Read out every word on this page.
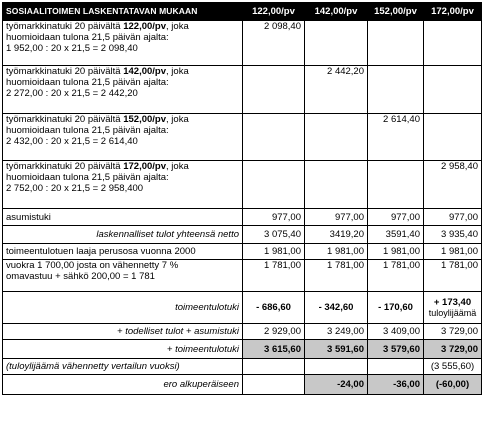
SOSIAALITOIMEN LASKENTATAVAN MUKAAN	122,00/pv	142,00/pv	152,00/pv	172,00/pv
työmarkkinatuki 20 päivältä 122,00/pv, joka
huomioidaan tulona 21,5 päivän ajalta:
1 952,00 : 20 x 21,5 = 2 098,40	2 098,40			
työmarkkinatuki 20 päivältä 142,00/pv, joka
huomioidaan tulona 21,5 päivän ajalta:
2 272,00 : 20 x 21,5 = 2 442,20		2 442,20		
työmarkkinatuki 20 päivältä 152,00/pv, joka
huomioidaan tulona 21,5 päivän ajalta:
2 432,00 : 20 x 21,5 = 2 614,40			2 614,40	
työmarkkinatuki 20 päivältä 172,00/pv, joka
huomioidaan tulona 21,5 päivän ajalta:
2 752,00 : 20 x 21,5 = 2 958,400				2 958,40
asumistuki	977,00	977,00	977,00	977,00
laskennalliset tulot yhteensä netto	3 075,40	3419,20	3591,40	3 935,40
toimeentulotuen laaja perusosa vuonna 2000	1 981,00	1 981,00	1 981,00	1 981,00
vuokra 1 700,00 josta on vähennetty 7 %
omavastuu + sähkö 200,00 = 1 781	1 781,00	1 781,00	1 781,00	1 781,00
toimeentulotuki	- 686,60	- 342,60	- 170,60	+ 173,40
tuloylijäämä

+ todelliset tulot + asumistuki	2 929,00	3 249,00	3 409,00	3 729,00
+ toimeentulotuki	3 615,60	3 591,60	3 579,60	3 729,00
(tuloylijäämä vähennetty vertailun vuoksi)				(3 555,60)
ero alkuperäiseen		-24,00	-36,00	(-60,00)
